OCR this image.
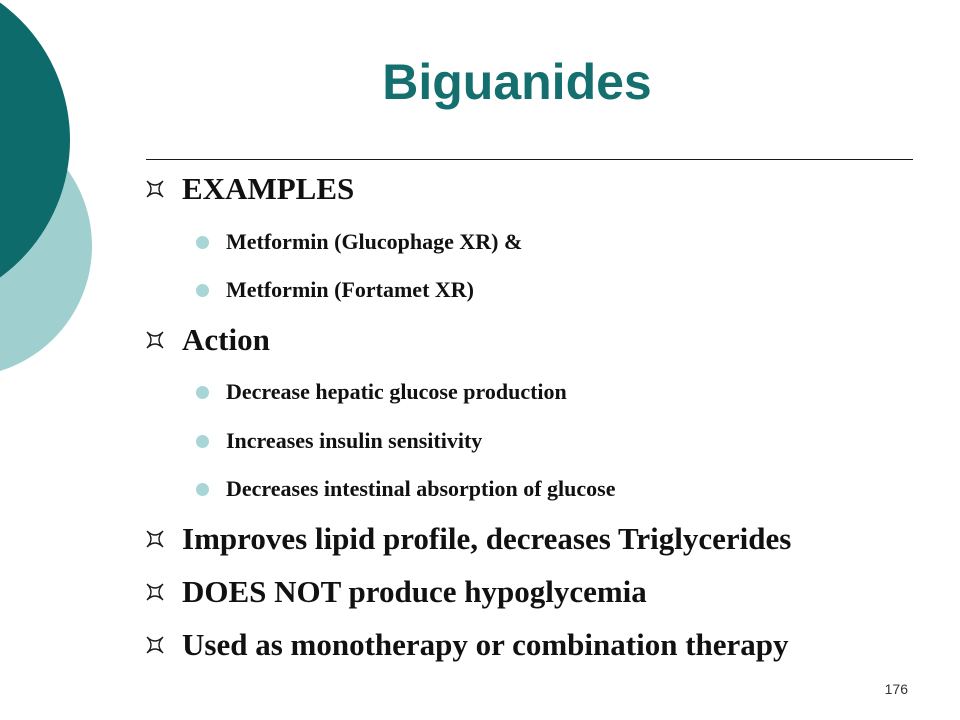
Biguanides

EXAMPLES

Metformin (Glucophage XR) &

Metformin (Fortamet XR)

Action

Decrease hepatic glucose production

Increases insulin sensitivity

Decreases intestinal absorption of glucose

Improves lipid profile, decreases Triglycerides

DOES NOT produce hypoglycemia

Used as monotherapy or combination therapy

176
